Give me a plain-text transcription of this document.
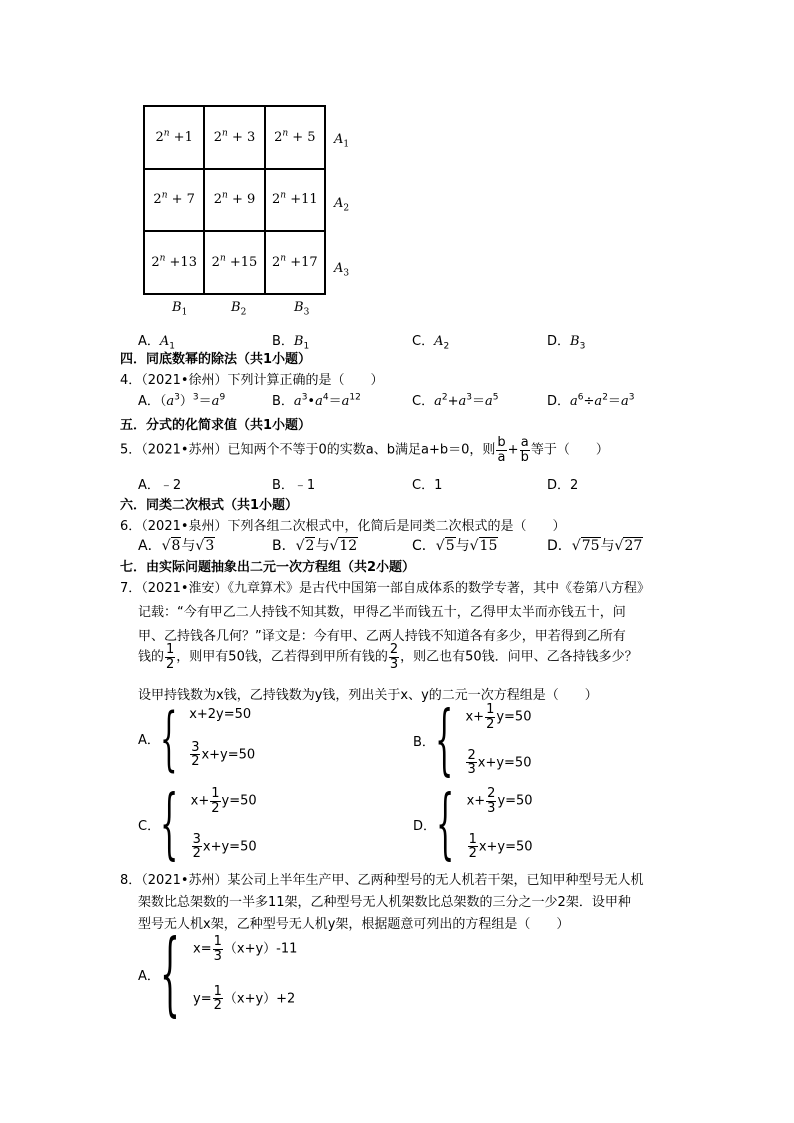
$2^n +1$ $2^n + 3$ $2^n + 5$
$2^n + 7$ $2^n + 9$ $2^n +11$
$2^n +13$ $2^n +15$ $2^n +17$
$A_1$
$A_2$
$A_3$
$B_1$	$B_2$	$B_3$
A．$A_1$	B．$B_1$	C．$A_2$	D．$B_3$
四．同底数幂的除法（共1小题）
4．（2021•徐州）下列计算正确的是（　　）
A．$(a^3)^3=a^9$	B．$a^3•a^4=a^{12}$	C．$a^2+a^3=a^5$	D．$a^6\div a^2=a^3$
五．分式的化简求值（共1小题）
5．（2021•苏州）已知两个不等于0的实数a、b满足a+b＝0，则 $\frac{b}{a} + \frac{a}{b}$ 等于（　　）
A．﹣2	B．﹣1	C．1	D．2
六．同类二次根式（共1小题）
6．（2021•泉州）下列各组二次根式中，化简后是同类二次根式的是（　　）
A．√8与√3	B．√2与√12	C．√5与√15	D．√75与√27
七．由实际问题抽象出二元一次方程组（共2小题）
7．（2021•淮安）《九章算术》是古代中国第一部自成体系的数学专著，其中《卷第八方程》
记载：“今有甲乙二人持钱不知其数，甲得乙半而钱五十，乙得甲太半而亦钱五十，问
甲、乙持钱各几何？”译文是：今有甲、乙两人持钱不知道各有多少，甲若得到乙所有
钱的 $\frac{1}{2}$ ，则甲有50钱，乙若得到甲所有钱的 $\frac{2}{3}$ ，则乙也有50钱．问甲、乙各持钱多少？
设甲持钱数为x钱，乙持钱数为y钱，列出关于x、y的二元一次方程组是（　　）
A． { x+2y=50
$\frac{3}{2} x+y=50$
B． { $x+ \frac{1}{2} y=50$
$\frac{2}{3} x+y=50$
C． { $x+ \frac{1}{2} y=50$
$\frac{3}{2} x+y=50$
D． { $x+ \frac{2}{3} y=50$
$\frac{1}{2} x+y=50$
8．（2021•苏州）某公司上半年生产甲、乙两种型号的无人机若干架，已知甲种型号无人机
架数比总架数的一半多11架，乙种型号无人机架数比总架数的三分之一少2架．设甲种
型号无人机x架，乙种型号无人机y架，根据题意可列出的方程组是（　　）
A． { $x= \frac{1}{3} (x+y)-11$
$y= \frac{1}{2} (x+y)+2$
